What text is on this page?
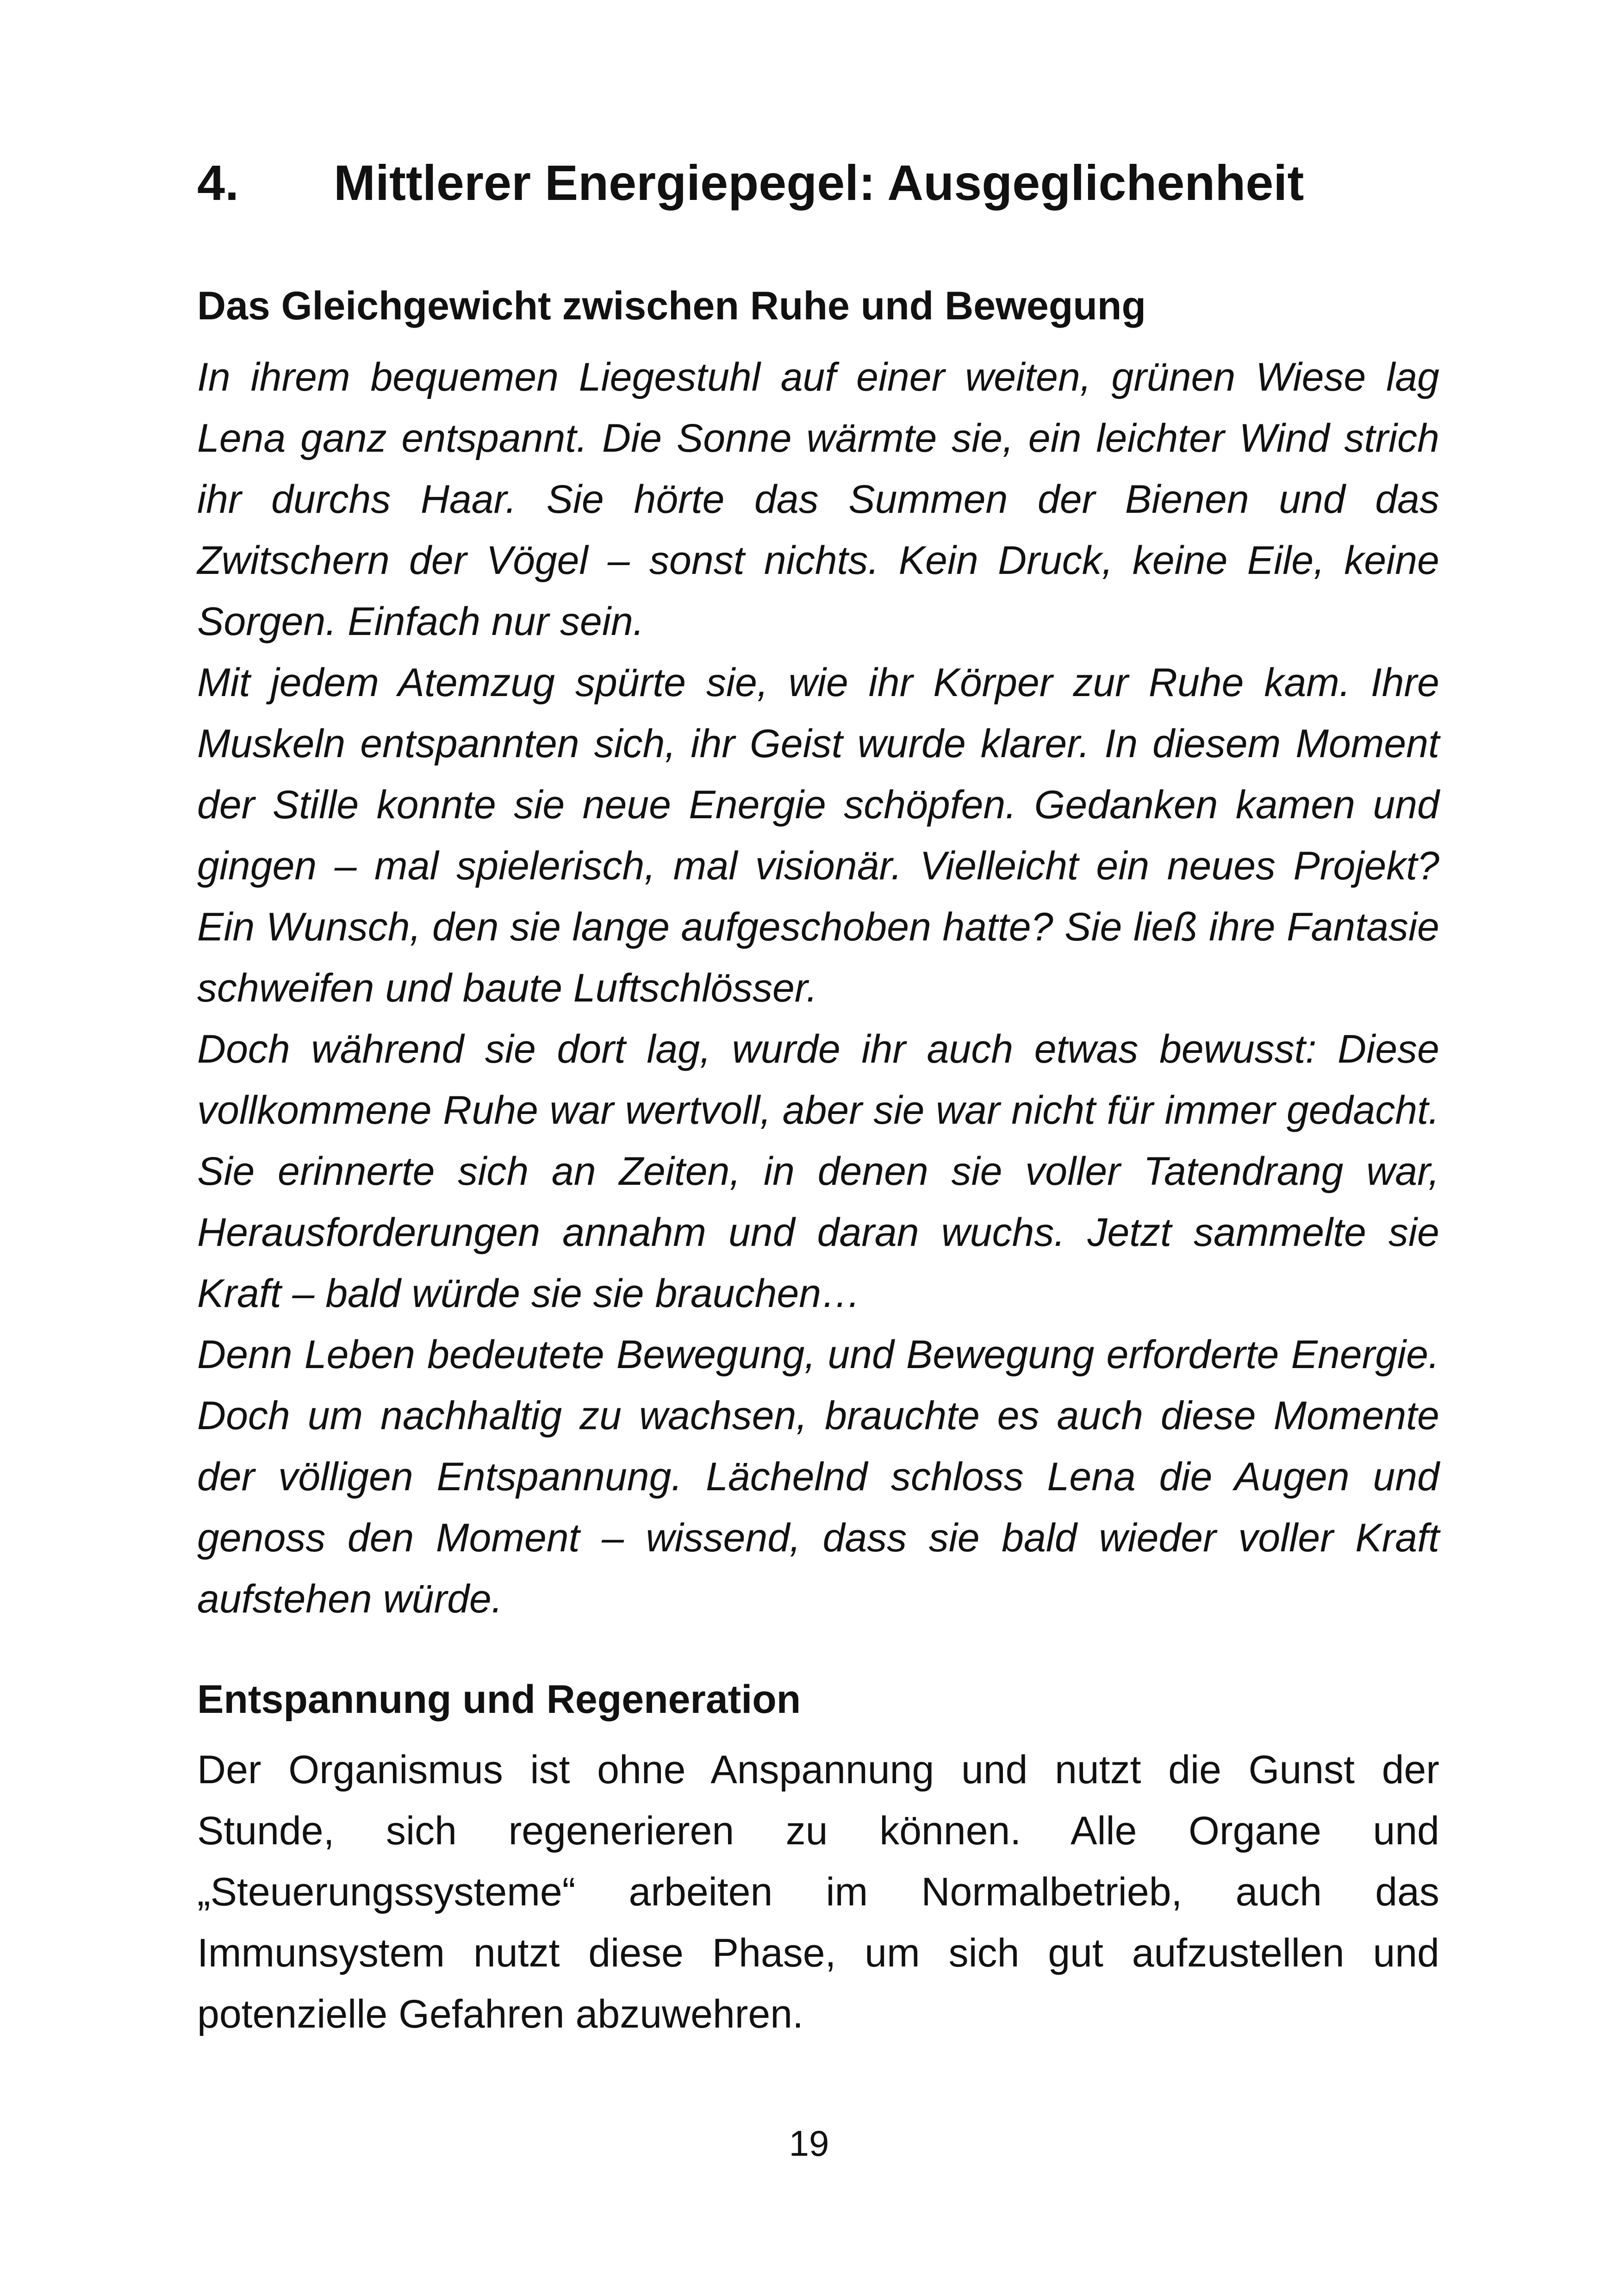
4.	Mittlerer Energiepegel: Ausgeglichenheit
Das Gleichgewicht zwischen Ruhe und Bewegung

In ihrem bequemen Liegestuhl auf einer weiten, grünen Wiese lag Lena ganz entspannt. Die Sonne wärmte sie, ein leichter Wind strich ihr durchs Haar. Sie hörte das Summen der Bienen und das Zwitschern der Vögel – sonst nichts. Kein Druck, keine Eile, keine Sorgen. Einfach nur sein.

Mit jedem Atemzug spürte sie, wie ihr Körper zur Ruhe kam. Ihre Muskeln entspannten sich, ihr Geist wurde klarer. In diesem Moment der Stille konnte sie neue Energie schöpfen. Gedanken kamen und gingen – mal spielerisch, mal visionär. Vielleicht ein neues Projekt? Ein Wunsch, den sie lange aufgeschoben hatte? Sie ließ ihre Fantasie schweifen und baute Luftschlösser.

Doch während sie dort lag, wurde ihr auch etwas bewusst: Diese vollkommene Ruhe war wertvoll, aber sie war nicht für immer gedacht. Sie erinnerte sich an Zeiten, in denen sie voller Tatendrang war, Herausforderungen annahm und daran wuchs. Jetzt sammelte sie Kraft – bald würde sie sie brauchen…

Denn Leben bedeutete Bewegung, und Bewegung erforderte Energie. Doch um nachhaltig zu wachsen, brauchte es auch diese Momente der völligen Entspannung. Lächelnd schloss Lena die Augen und genoss den Moment – wissend, dass sie bald wieder voller Kraft aufstehen würde.

Entspannung und Regeneration

Der Organismus ist ohne Anspannung und nutzt die Gunst der Stunde, sich regenerieren zu können. Alle Organe und „Steuerungssysteme“ arbeiten im Normalbetrieb, auch das Immunsystem nutzt diese Phase, um sich gut aufzustellen und potenzielle Gefahren abzuwehren.

19
